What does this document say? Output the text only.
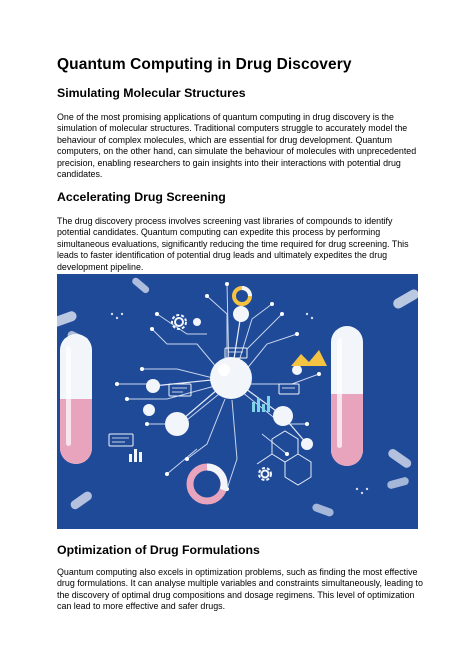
Quantum Computing in Drug Discovery
Simulating Molecular Structures

One of the most promising applications of quantum computing in drug discovery is the simulation of molecular structures. Traditional computers struggle to accurately model the behaviour of complex molecules, which are essential for drug development. Quantum computers, on the other hand, can simulate the behaviour of molecules with unprecedented precision, enabling researchers to gain insights into their interactions with potential drug candidates.

Accelerating Drug Screening

The drug discovery process involves screening vast libraries of compounds to identify potential candidates. Quantum computing can expedite this process by performing simultaneous evaluations, significantly reducing the time required for drug screening. This leads to faster identification of potential drug leads and ultimately expedites the drug development pipeline.

Optimization of Drug Formulations

Quantum computing also excels in optimization problems, such as finding the most effective drug formulations. It can analyse multiple variables and constraints simultaneously, leading to the discovery of optimal drug compositions and dosage regimens. This level of optimization can lead to more effective and safer drugs.
